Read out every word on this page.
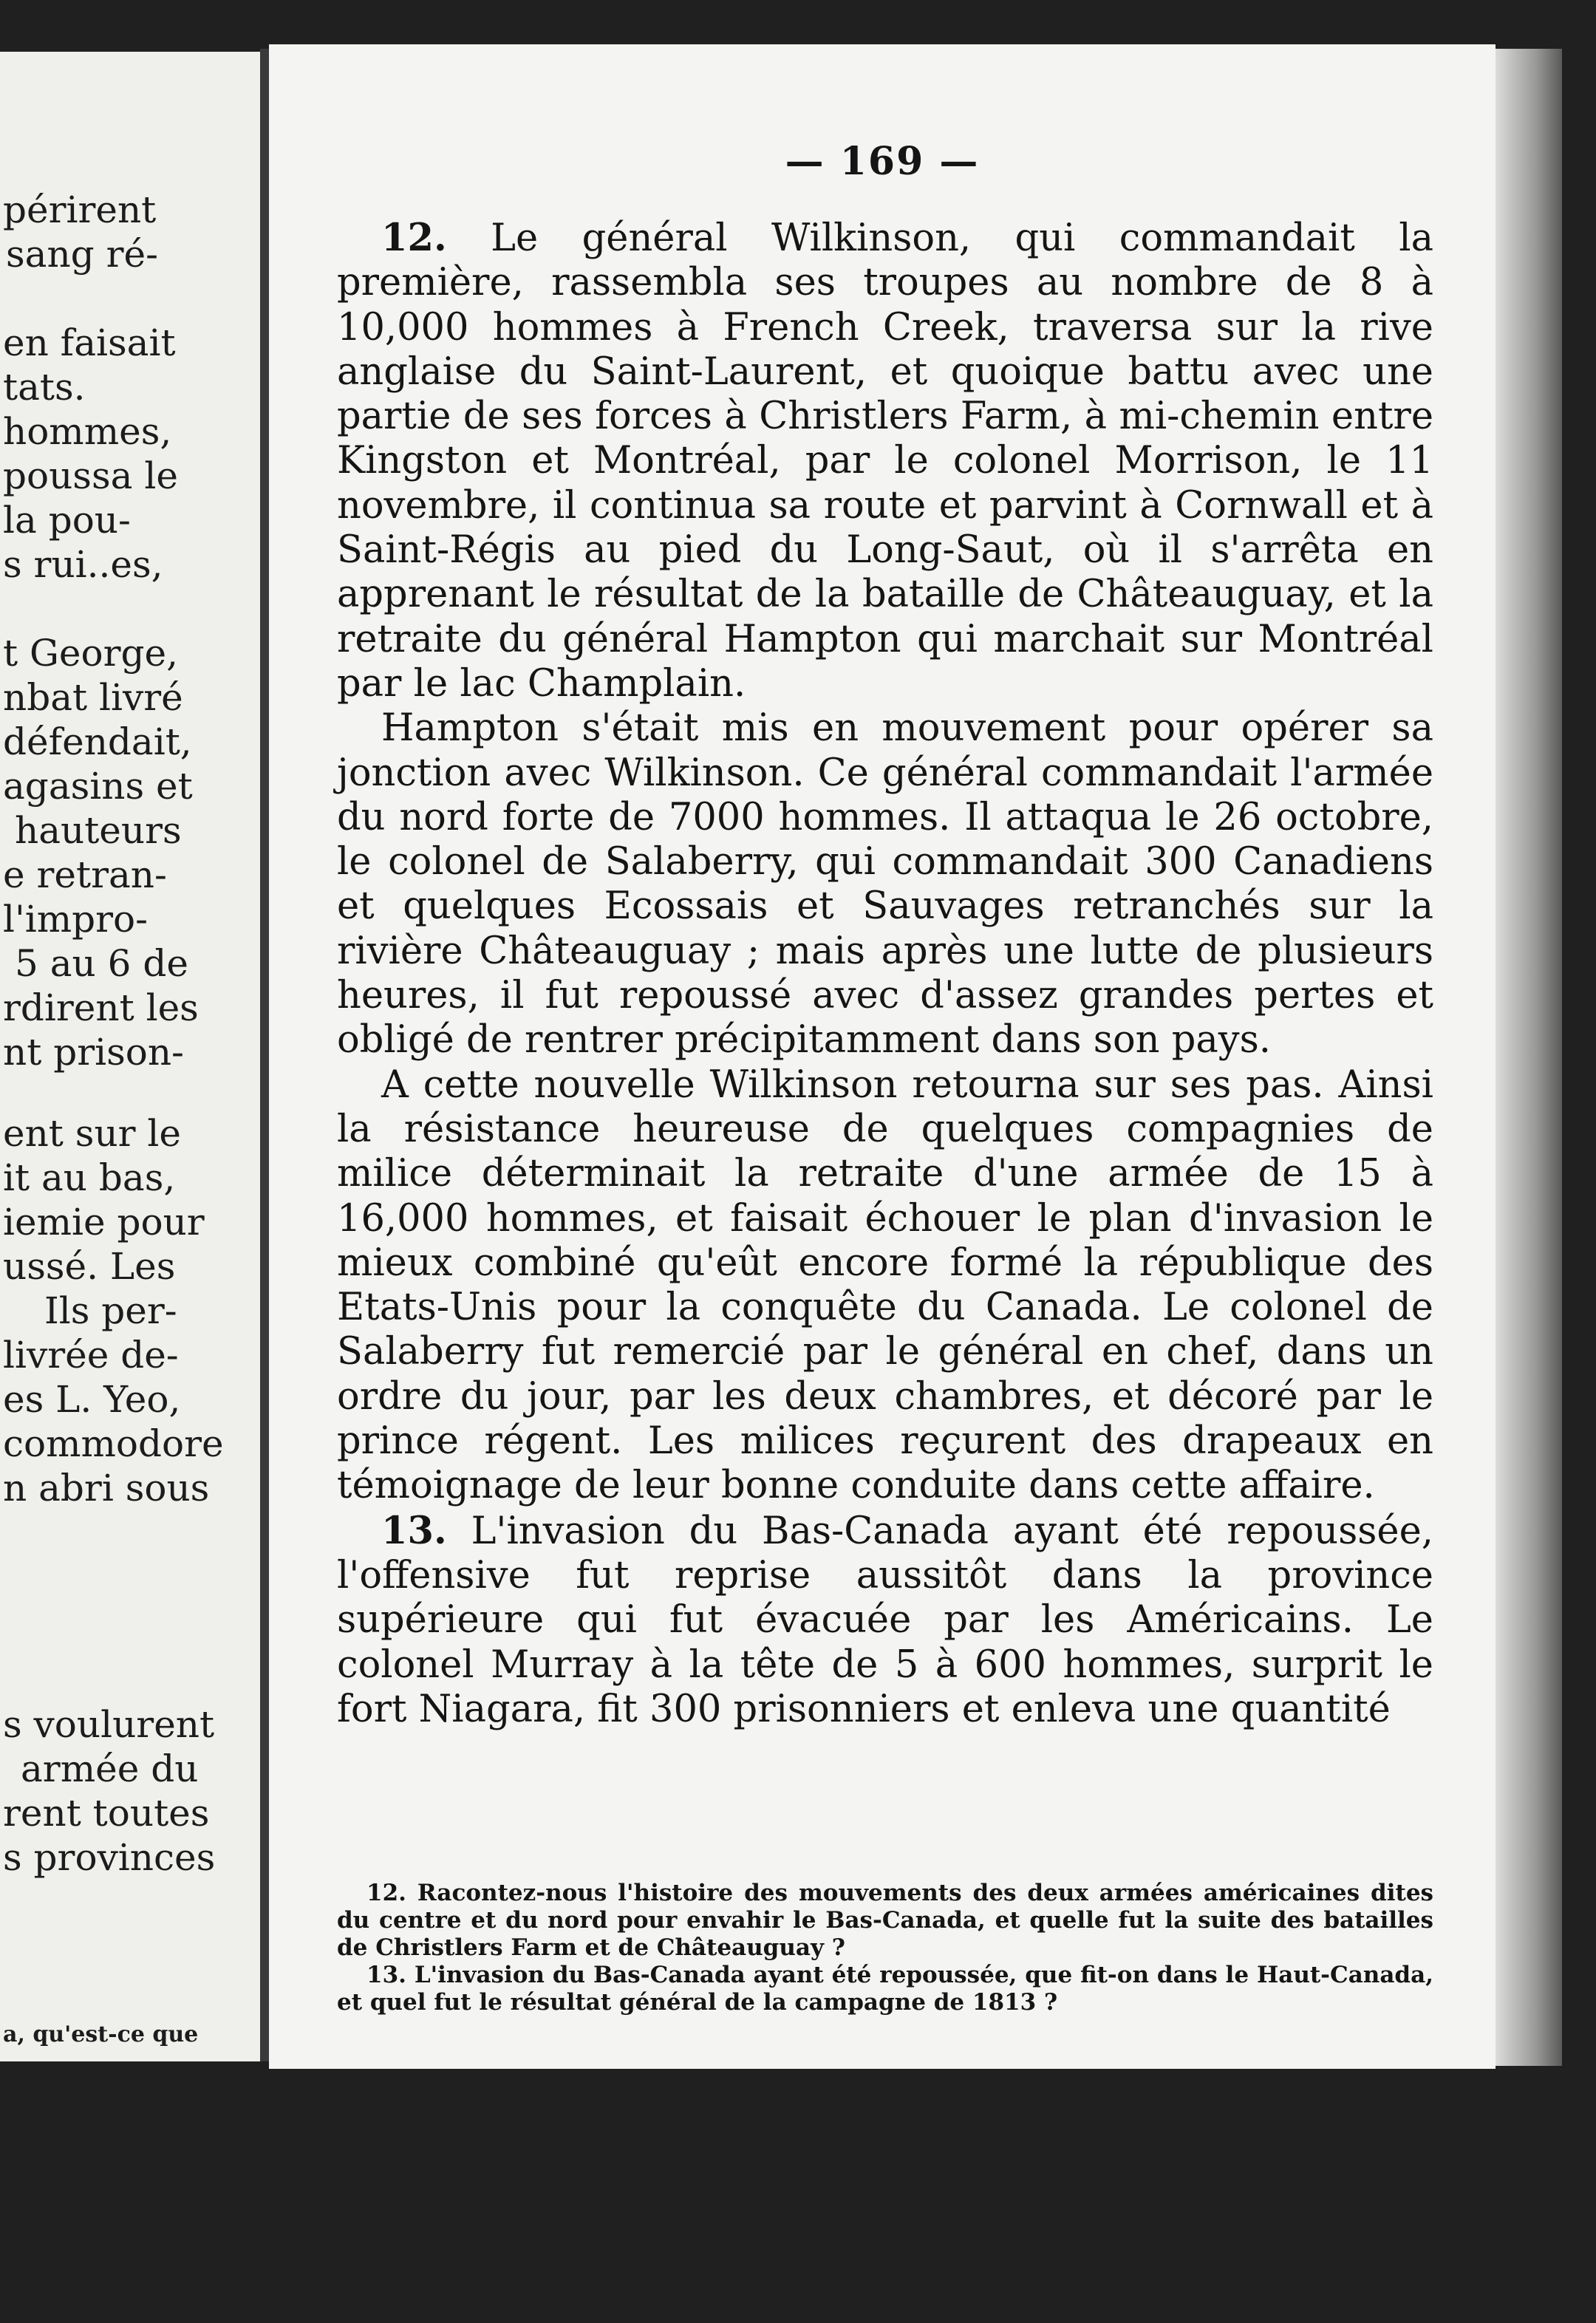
périrent
sang ré-
en faisait
tats.
hommes,
poussa le
la pou-
s rui..es,
t George,
nbat livré
défendait,
agasins et
hauteurs
e retran-
l'impro-
5 au 6 de
rdirent les
nt prison-
ent sur le
it au bas,
iemie pour
ussé. Les
Ils per-
livrée de-
es L. Yeo,
commodore
n abri sous
s voulurent
armée du
rent toutes
s provinces
a, qu'est-ce que
— 169 —

12. Le général Wilkinson, qui commandait la première, rassembla ses troupes au nombre de 8 à 10,000 hommes à French Creek, traversa sur la rive anglaise du Saint-Laurent, et quoique battu avec une partie de ses forces à Christlers Farm, à mi-chemin entre Kingston et Montréal, par le colonel Morrison, le 11 novembre, il continua sa route et parvint à Cornwall et à Saint-Régis au pied du Long-Saut, où il s'arrêta en apprenant le résultat de la bataille de Châteauguay, et la retraite du général Hampton qui marchait sur Montréal par le lac Champlain.

Hampton s'était mis en mouvement pour opérer sa jonction avec Wilkinson. Ce général commandait l'armée du nord forte de 7000 hommes. Il attaqua le 26 octobre, le colonel de Salaberry, qui commandait 300 Canadiens et quelques Ecossais et Sauvages retranchés sur la rivière Châteauguay ; mais après une lutte de plusieurs heures, il fut repoussé avec d'assez grandes pertes et obligé de rentrer précipitamment dans son pays.

A cette nouvelle Wilkinson retourna sur ses pas. Ainsi la résistance heureuse de quelques compagnies de milice déterminait la retraite d'une armée de 15 à 16,000 hommes, et faisait échouer le plan d'invasion le mieux combiné qu'eût encore formé la république des Etats-Unis pour la conquête du Canada. Le colonel de Salaberry fut remercié par le général en chef, dans un ordre du jour, par les deux chambres, et décoré par le prince régent. Les milices reçurent des drapeaux en témoignage de leur bonne conduite dans cette affaire.

13. L'invasion du Bas-Canada ayant été repoussée, l'offensive fut reprise aussitôt dans la province supérieure qui fut évacuée par les Américains. Le colonel Murray à la tête de 5 à 600 hommes, surprit le fort Niagara, fit 300 prisonniers et enleva une quantité

12. Racontez-nous l'histoire des mouvements des deux armées américaines dites du centre et du nord pour envahir le Bas-Canada, et quelle fut la suite des batailles de Christlers Farm et de Châteauguay ?

13. L'invasion du Bas-Canada ayant été repoussée, que fit-on dans le Haut-Canada, et quel fut le résultat général de la campagne de 1813 ?
